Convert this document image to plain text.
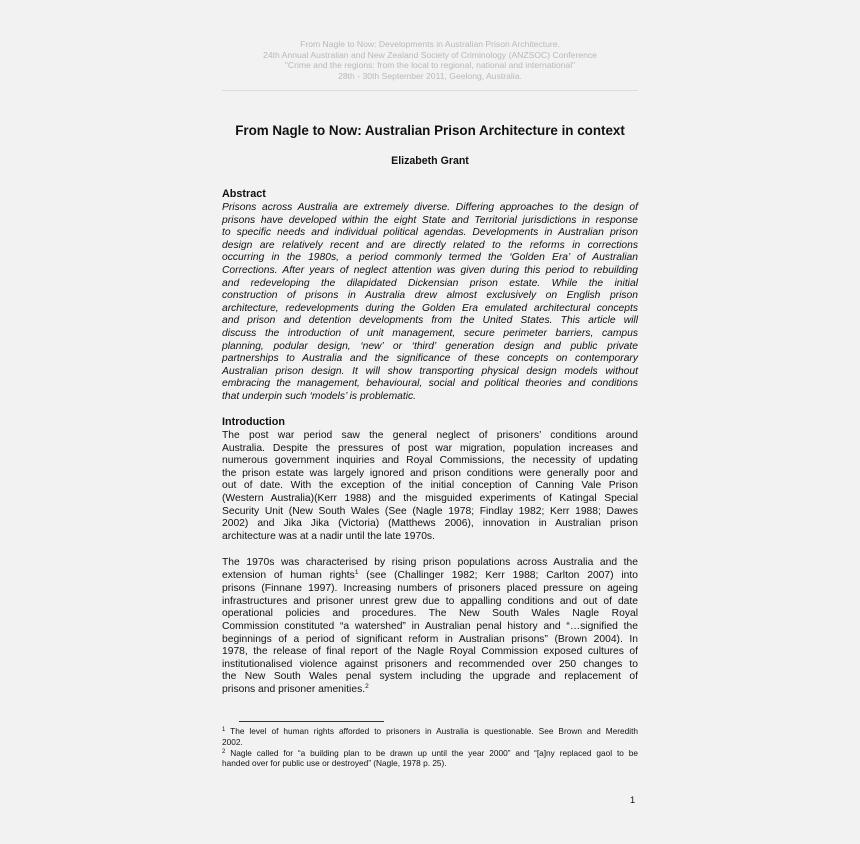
From Nagle to Now: Developments in Australian Prison Architecture.
24th Annual Australian and New Zealand Society of Criminology (ANZSOC) Conference
"Crime and the regions: from the local to regional, national and international"
28th - 30th September 2011, Geelong, Australia.
From Nagle to Now: Australian Prison Architecture in context
Elizabeth Grant
Abstract
Prisons across Australia are extremely diverse. Differing approaches to the design of
prisons have developed within the eight State and Territorial jurisdictions in response
to specific needs and individual political agendas. Developments in Australian prison
design are relatively recent and are directly related to the reforms in corrections
occurring in the 1980s, a period commonly termed the ‘Golden Era’ of Australian
Corrections. After years of neglect attention was given during this period to rebuilding
and redeveloping the dilapidated Dickensian prison estate. While the initial
construction of prisons in Australia drew almost exclusively on English prison
architecture, redevelopments during the Golden Era emulated architectural concepts
and prison and detention developments from the United States. This article will
discuss the introduction of unit management, secure perimeter barriers, campus
planning, podular design, ‘new’ or ‘third’ generation design and public private
partnerships to Australia and the significance of these concepts on contemporary
Australian prison design. It will show transporting physical design models without
embracing the management, behavioural, social and political theories and conditions
that underpin such ‘models’ is problematic.
Introduction
The post war period saw the general neglect of prisoners’ conditions around
Australia. Despite the pressures of post war migration, population increases and
numerous government inquiries and Royal Commissions, the necessity of updating
the prison estate was largely ignored and prison conditions were generally poor and
out of date. With the exception of the initial conception of Canning Vale Prison
(Western Australia)(Kerr 1988) and the misguided experiments of Katingal Special
Security Unit (New South Wales (See (Nagle 1978; Findlay 1982; Kerr 1988; Dawes
2002) and Jika Jika (Victoria) (Matthews 2006), innovation in Australian prison
architecture was at a nadir until the late 1970s.
The 1970s was characterised by rising prison populations across Australia and the
extension of human rights$^1$ (see (Challinger 1982; Kerr 1988; Carlton 2007) into
prisons (Finnane 1997). Increasing numbers of prisoners placed pressure on ageing
infrastructures and prisoner unrest grew due to appalling conditions and out of date
operational policies and procedures. The New South Wales Nagle Royal
Commission constituted “a watershed” in Australian penal history and “…signified the
beginnings of a period of significant reform in Australian prisons” (Brown 2004). In
1978, the release of final report of the Nagle Royal Commission exposed cultures of
institutionalised violence against prisoners and recommended over 250 changes to
the New South Wales penal system including the upgrade and replacement of
prisons and prisoner amenities.$^2$
$^1$ The level of human rights afforded to prisoners in Australia is questionable. See Brown and Meredith
2002.
$^2$ Nagle called for “a building plan to be drawn up until the year 2000” and “[a]ny replaced gaol to be
handed over for public use or destroyed” (Nagle, 1978 p. 25).
1
